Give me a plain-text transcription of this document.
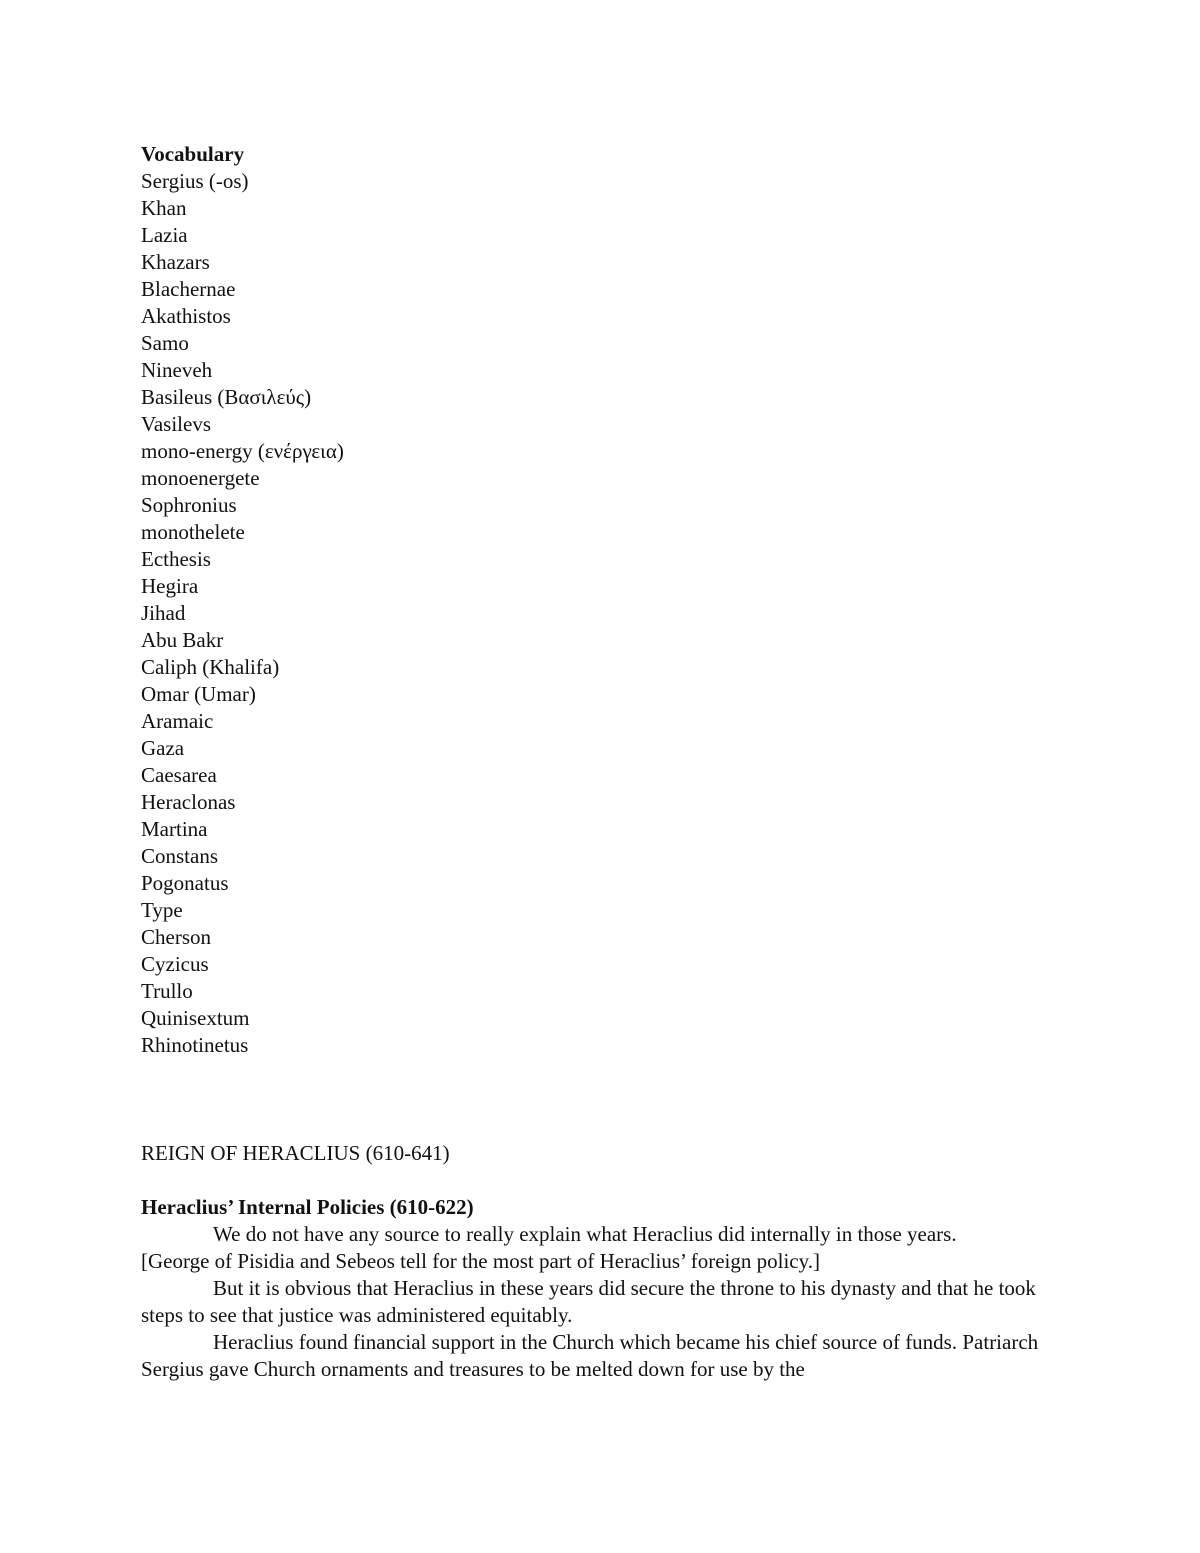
Vocabulary

Sergius (-os)
Khan
Lazia
Khazars
Blachernae
Akathistos
Samo
Nineveh
Basileus (Βασιλεύς)
Vasilevs
mono-energy (ενέργεια)
monoenergete
Sophronius
monothelete
Ecthesis
Hegira
Jihad
Abu Bakr
Caliph (Khalifa)
Omar (Umar)
Aramaic
Gaza
Caesarea
Heraclonas
Martina
Constans
Pogonatus
Type
Cherson
Cyzicus
Trullo
Quinisextum
Rhinotinetus

REIGN OF HERACLIUS (610-641)

Heraclius’ Internal Policies (610-622)

We do not have any source to really explain what Heraclius did internally in those years.

[George of Pisidia and Sebeos tell for the most part of Heraclius’ foreign policy.]

But it is obvious that Heraclius in these years did secure the throne to his dynasty and that he took steps to see that justice was administered equitably.

Heraclius found financial support in the Church which became his chief source of funds. Patriarch Sergius gave Church ornaments and treasures to be melted down for use by the
